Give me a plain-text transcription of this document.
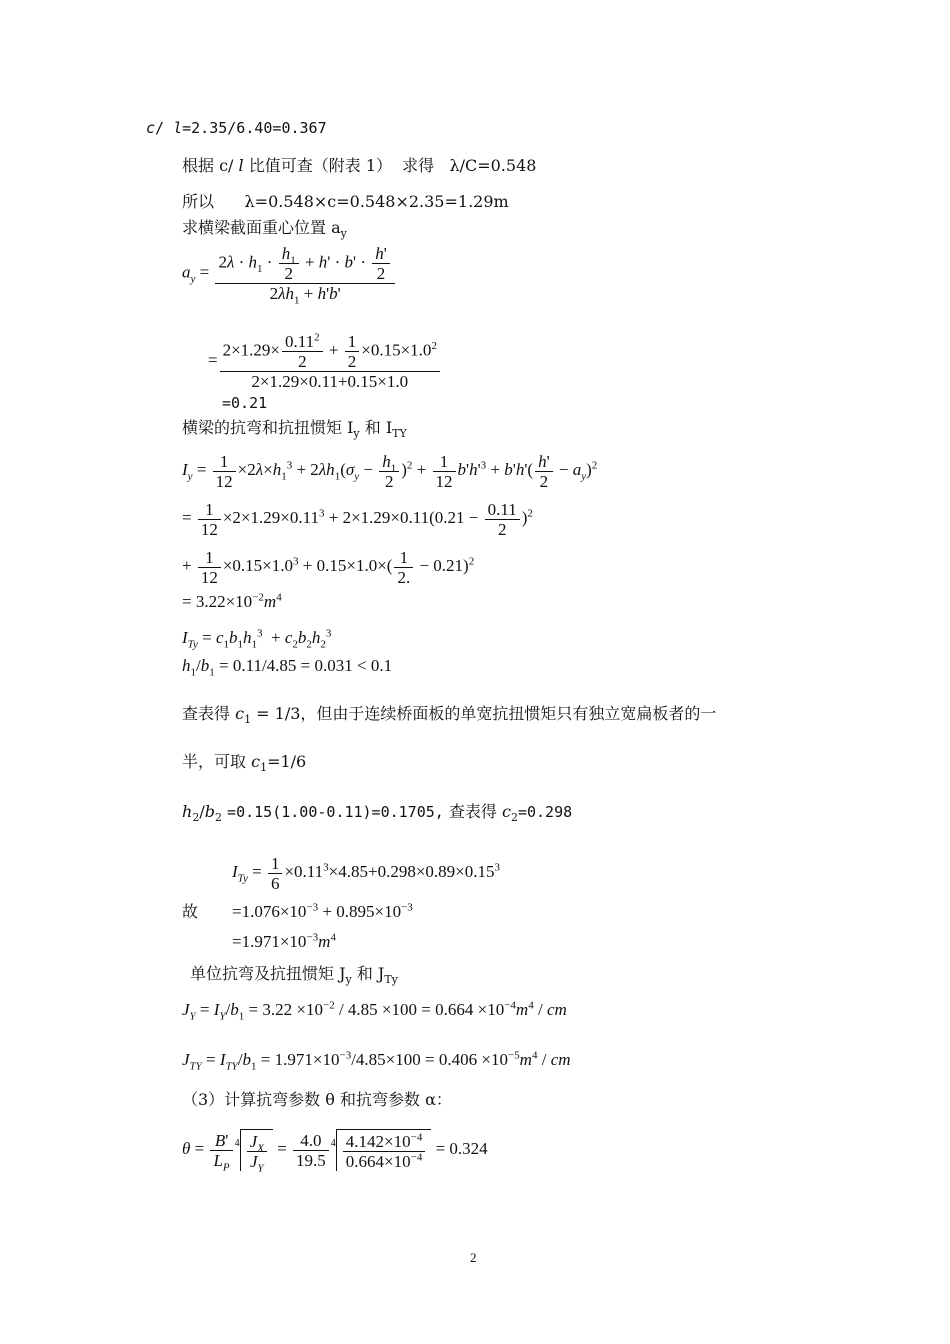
c/ l=2.35/6.40=0.367
根据 c/ l 比值可查（附表 1）  求得   λ/C=0.548
所以      λ=0.548×c=0.548×2.35=1.29m
求横梁截面重心位置 $a_y$
$a_y = \frac{2\lambda \cdot h_1 \cdot \frac{h_1}{2} + h' \cdot b' \cdot \frac{h'}{2}}{2\lambda h_1 + h'b'}$
= $\frac{2\times 1.29\times \frac{0.11^2}{2} + \frac{1}{2} \times 0.15\times 1.0^2}{2\times 1.29\times 0.11+0.15\times 1.0}$
=0.21
横梁的抗弯和抗扭惯矩 $I_y$ 和 $I_{TY}$
$I_y = \frac{1}{12} \times 2\lambda\times h_1^3 + 2\lambda h_1(\sigma_y - \frac{h_1}{2} )^2 + \frac{1}{12} b'h'^3 + b'h'( \frac{h'}{2} - a_y)^2$
= $\frac{1}{12} \times 2\times 1.29\times 0.11^3 + 2\times 1.29\times 0.11(0.21 - \frac{0.11}{2} )^2$
+ $\frac{1}{12} \times 0.15\times 1.0^3 + 0.15\times 1.0\times( \frac{1}{2.} - 0.21)^2$
= $3.22\times 10^{-2}m^4$
$I_{Ty} = c_1b_1h_1^3 + c_2b_2h_2^3$
$h_1/b_1 = 0.11/4.85 = 0.031 < 0.1$
查表得 $c_1 = 1/3$，但由于连续桥面板的单宽抗扭惯矩只有独立宽扁板者的一
半，可取 $c_1=1/6$
$h_2/b_2 =0.15(1.00-0.11)=0.1705$, 查表得 $c_2=0.298$
$I_{Ty} = \frac{1}{6} \times 0.11^3\times 4.85+0.298\times 0.89\times 0.15^3$
故 $=1.076\times 10^{-3} + 0.895\times 10^{-3}$
$=1.971\times 10^{-3}m^4$
单位抗弯及抗扭惯矩 $J_y$ 和 $J_{Ty}$
$J_Y = I_Y/b_1 = 3.22 \times 10^{-2} / 4.85 \times 100 = 0.664 \times 10^{-4}m^4$ / cm
$J_{TY} = I_{TY}/b_1 = 1.971\times 10^{-3}/4.85\times 100 = 0.406 \times 10^{-5}m^4$ / cm
（3）计算抗弯参数 θ 和抗弯参数 α：
$\theta = \frac{B'}{L_P} ^4 \frac{J_X}{J_Y} = \frac{4.0}{19.5} ^4 \frac{4.142\times 10^{-4}}{0.664\times 10^{-4}} = 0.324$
2
